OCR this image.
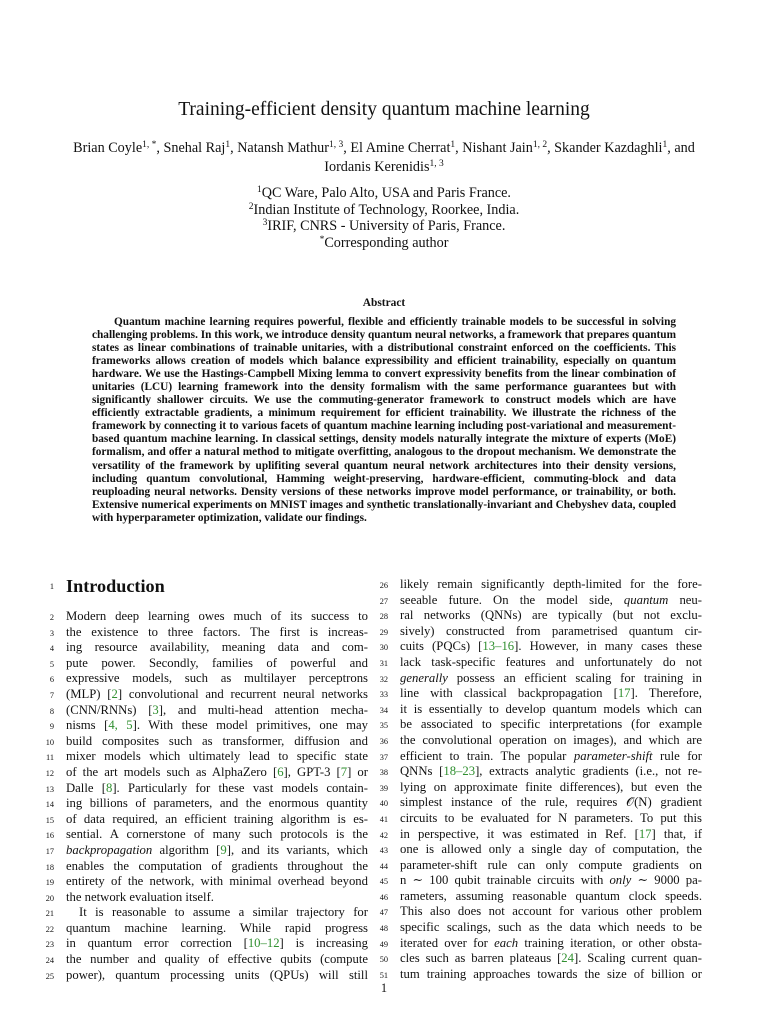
Training-efficient density quantum machine learning
Brian Coyle$^{1, *}$, Snehal Raj$^1$, Natansh Mathur$^{1, 3}$, El Amine Cherrat$^1$, Nishant Jain$^{1, 2}$, Skander Kazdaghli$^1$, and Iordanis Kerenidis$^{1, 3}$
$^1$QC Ware, Palo Alto, USA and Paris France.
$^2$Indian Institute of Technology, Roorkee, India.
$^3$IRIF, CNRS - University of Paris, France.
*Corresponding author
Abstract

Quantum machine learning requires powerful, flexible and efficiently trainable models to be successful in solving challenging problems. In this work, we introduce density quantum neural networks, a framework that prepares quantum states as linear combinations of trainable unitaries, with a distributional constraint enforced on the coefficients. This frameworks allows creation of models which balance expressibility and efficient trainability, especially on quantum hardware. We use the Hastings-Campbell Mixing lemma to convert expressivity benefits from the linear combination of unitaries (LCU) learning framework into the density formalism with the same performance guarantees but with significantly shallower circuits. We use the commuting-generator framework to construct models which are have efficiently extractable gradients, a minimum requirement for efficient trainability. We illustrate the richness of the framework by connecting it to various facets of quantum machine learning including post-variational and measurement-based quantum machine learning. In classical settings, density models naturally integrate the mixture of experts (MoE) formalism, and offer a natural method to mitigate overfitting, analogous to the dropout mechanism. We demonstrate the versatility of the framework by uplifiting several quantum neural network architectures into their density versions, including quantum convolutional, Hamming weight-preserving, hardware-efficient, commuting-block and data reuploading neural networks. Density versions of these networks improve model performance, or trainability, or both. Extensive numerical experiments on MNIST images and synthetic translationally-invariant and Chebyshev data, coupled with hyperparameter optimization, validate our findings.

1 Introduction
2 Modern deep learning owes much of its success to
3 the existence to three factors. The first is increas-
4 ing resource availability, meaning data and com-
5 pute power. Secondly, families of powerful and
6 expressive models, such as multilayer perceptrons
7 (MLP) [2] convolutional and recurrent neural networks
8 (CNN/RNNs) [3], and multi-head attention mecha-
9 nisms [4, 5]. With these model primitives, one may
10 build composites such as transformer, diffusion and
11 mixer models which ultimately lead to specific state
12 of the art models such as AlphaZero [6], GPT-3 [7] or
13 Dalle [8]. Particularly for these vast models contain-
14 ing billions of parameters, and the enormous quantity
15 of data required, an efficient training algorithm is es-
16 sential. A cornerstone of many such protocols is the
17 backpropagation algorithm [9], and its variants, which
18 enables the computation of gradients throughout the
19 entirety of the network, with minimal overhead beyond
20 the network evaluation itself.
21	It is reasonable to assume a similar trajectory for
22 quantum machine learning. While rapid progress
23 in quantum error correction [10–12] is increasing
24 the number and quality of effective qubits (compute
25 power), quantum processing units (QPUs) will still
26 likely remain significantly depth-limited for the fore-
27 seeable future. On the model side, quantum neu-
28 ral networks (QNNs) are typically (but not exclu-
29 sively) constructed from parametrised quantum cir-
30 cuits (PQCs) [13–16]. However, in many cases these
31 lack task-specific features and unfortunately do not
32 generally possess an efficient scaling for training in
33 line with classical backpropagation [17]. Therefore,
34 it is essentially to develop quantum models which can
35 be associated to specific interpretations (for example
36 the convolutional operation on images), and which are
37 efficient to train. The popular parameter-shift rule for
38 QNNs [18–23], extracts analytic gradients (i.e., not re-
39 lying on approximate finite differences), but even the
40 simplest instance of the rule, requires 𝒪(N) gradient
41 circuits to be evaluated for N parameters. To put this
42 in perspective, it was estimated in Ref. [17] that, if
43 one is allowed only a single day of computation, the
44 parameter-shift rule can only compute gradients on
45 n ∼ 100 qubit trainable circuits with only ∼ 9000 pa-
46 rameters, assuming reasonable quantum clock speeds.
47 This also does not account for various other problem
48 specific scalings, such as the data which needs to be
49 iterated over for each training iteration, or other obsta-
50 cles such as barren plateaus [24]. Scaling current quan-
51 tum training approaches towards the size of billion or
1
